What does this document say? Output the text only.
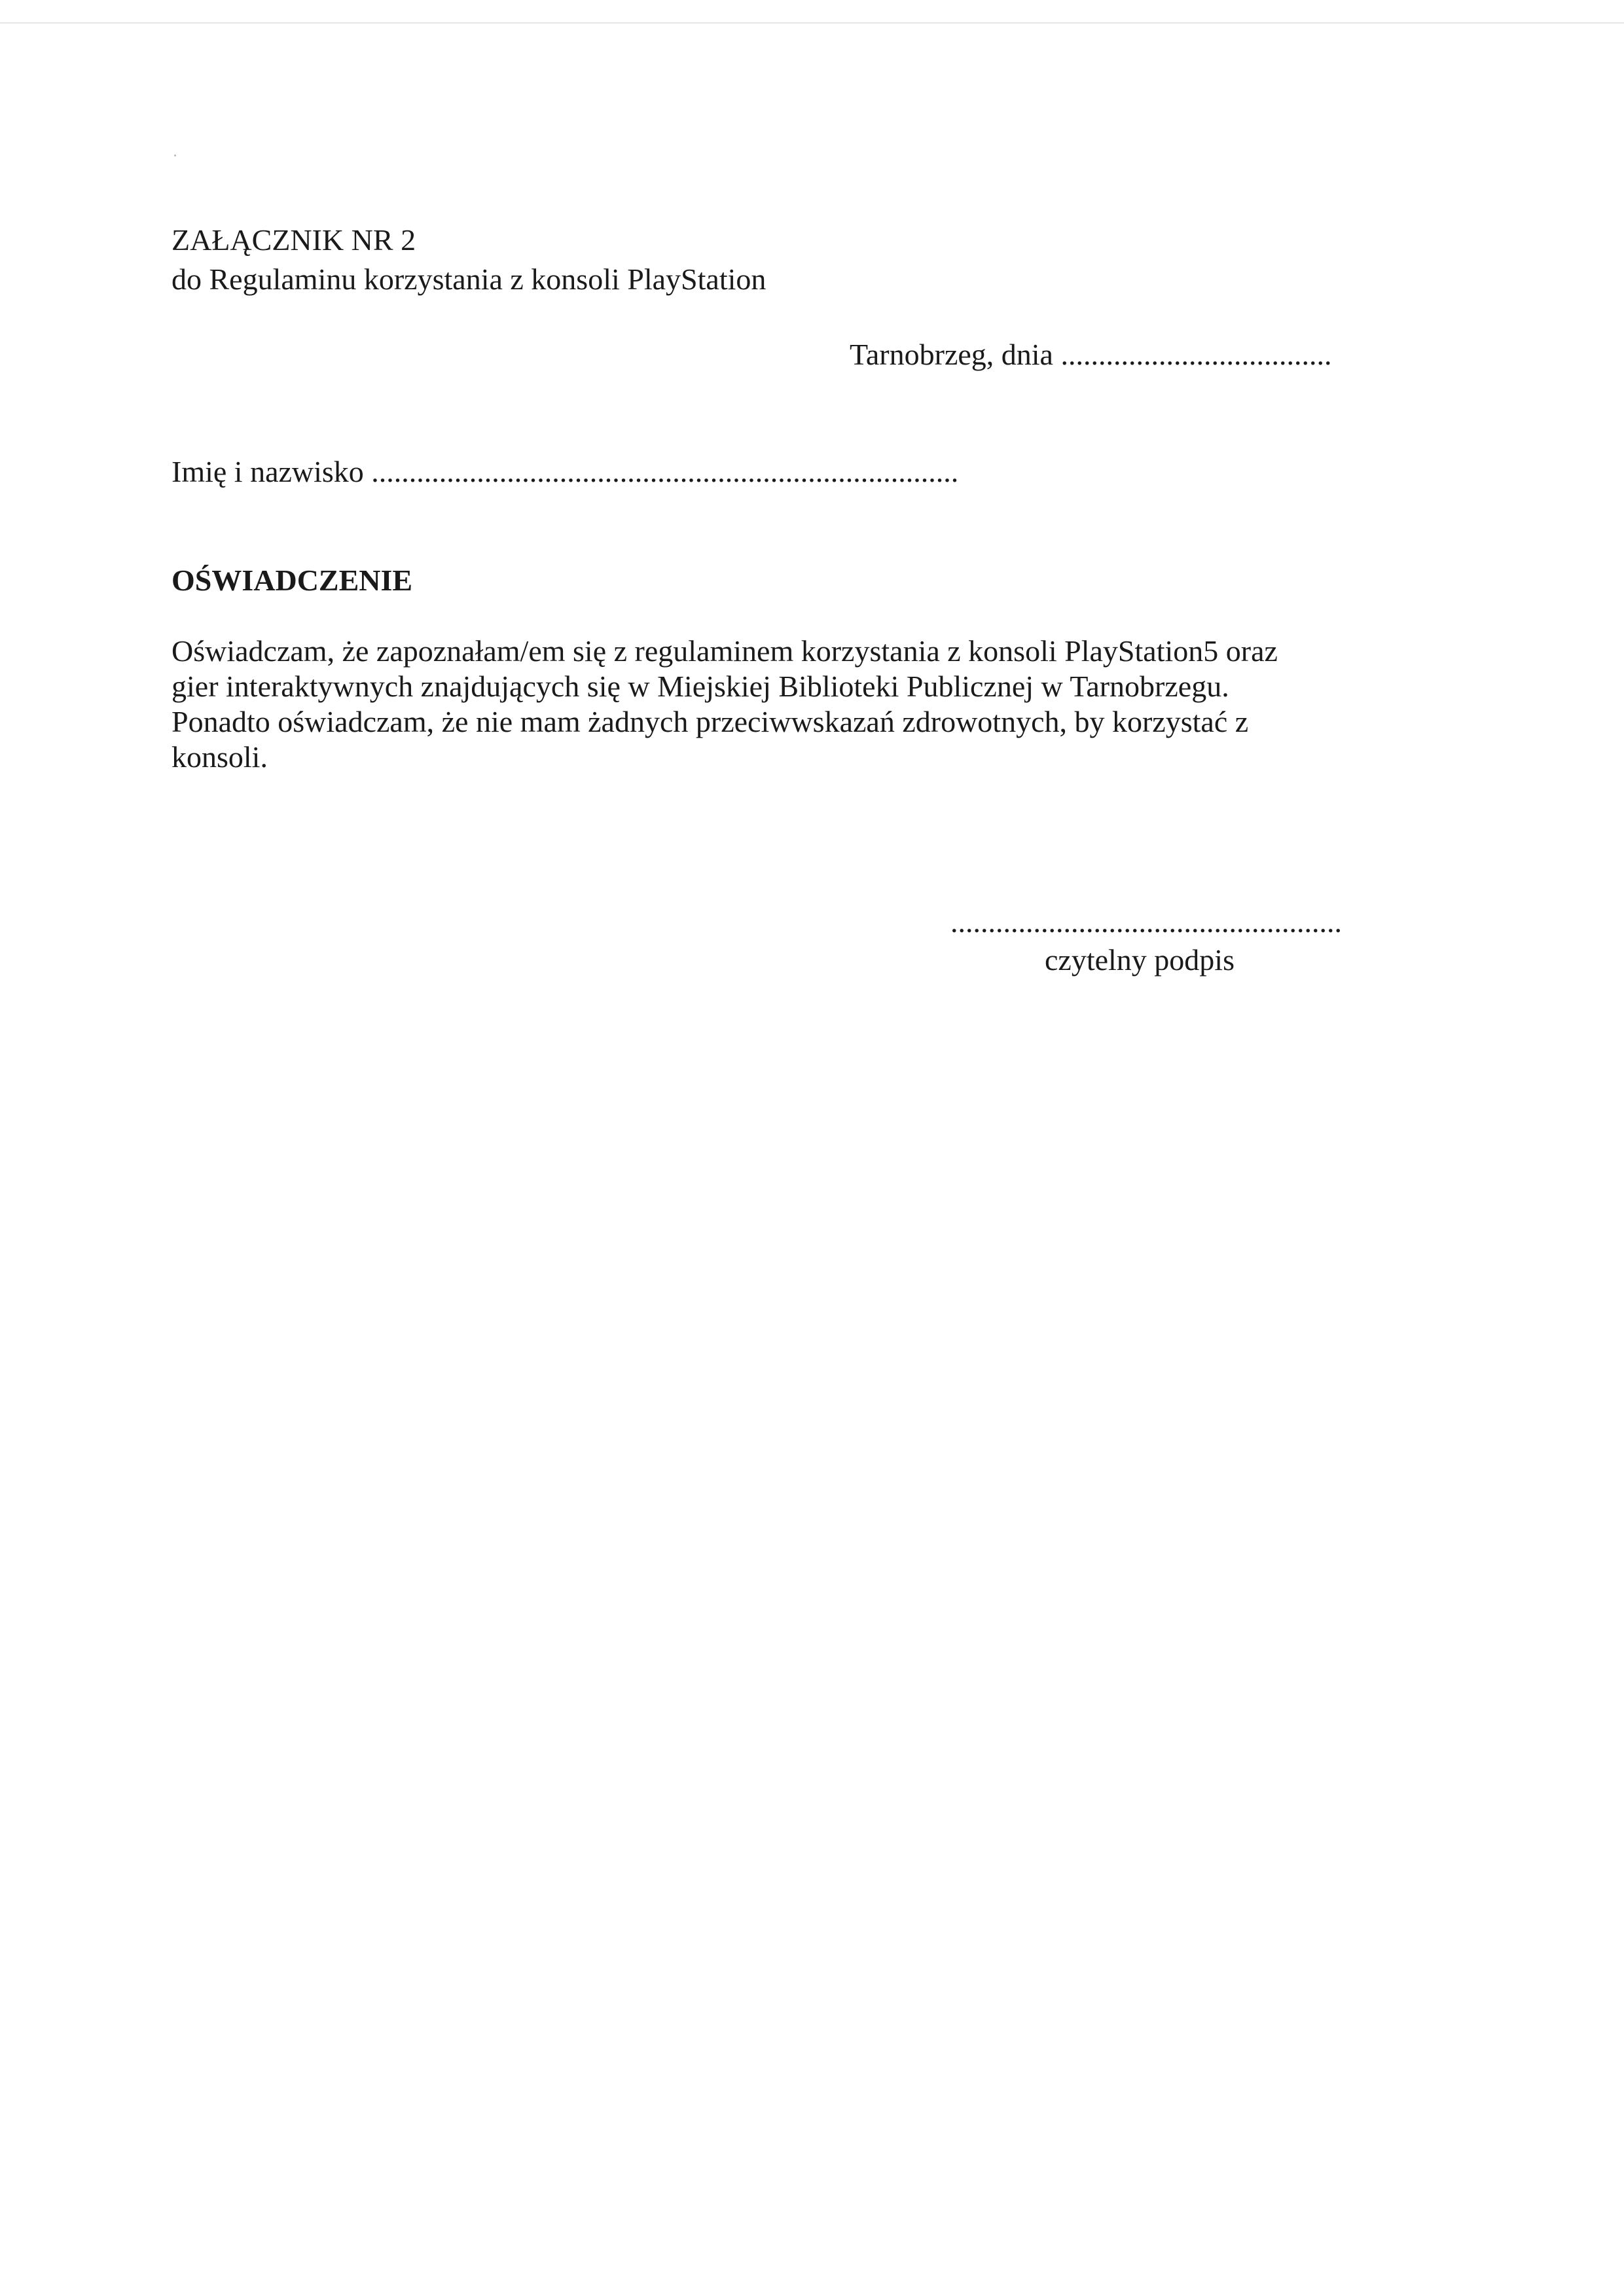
ZAŁĄCZNIK NR 2
do Regulaminu korzystania z konsoli PlayStation
Tarnobrzeg, dnia ....................................
Imię i nazwisko ..............................................................................
OŚWIADCZENIE

Oświadczam, że zapoznałam/em się z regulaminem korzystania z konsoli PlayStation5 oraz

gier interaktywnych znajdujących się w Miejskiej Biblioteki Publicznej w Tarnobrzegu.

Ponadto oświadczam, że nie mam żadnych przeciwwskazań zdrowotnych, by korzystać z

konsoli.

....................................................
czytelny podpis
